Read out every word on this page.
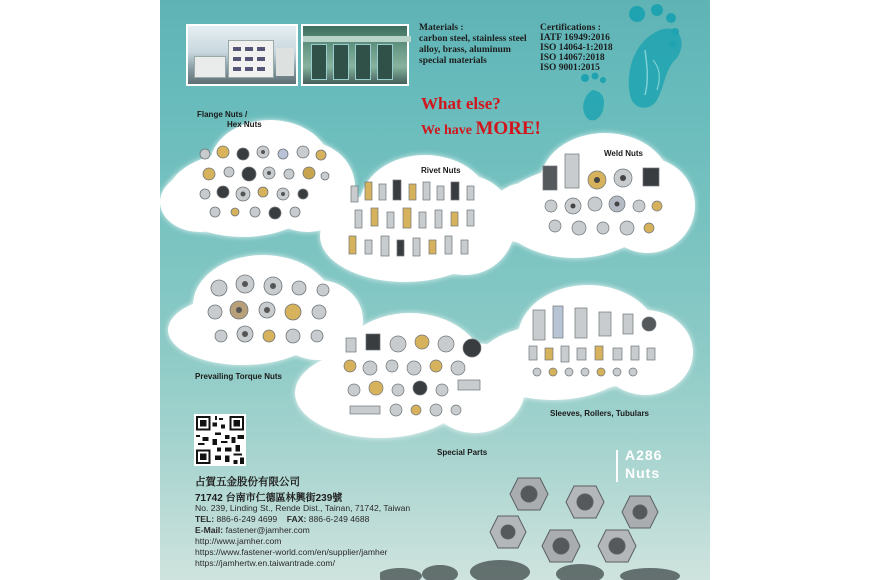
Materials :
carbon steel, stainless steel
alloy, brass, aluminum
special materials
Certifications :
IATF 16949:2016
ISO 14064-1:2018
ISO 14067:2018
ISO 9001:2015
What else?
We have MORE!
Flange Nuts /
Hex Nuts
Rivet Nuts
Weld Nuts
Prevailing Torque Nuts
Special Parts
Sleeves, Rollers, Tubulars
占賀五金股份有限公司
71742 台南市仁德區林興街239號
No. 239, Linding St., Rende Dist., Tainan, 71742, Taiwan
TEL: 886-6-249 4699 FAX: 886-6-249 4688
E-Mail: fastener@jamher.com
http://www.jamher.com
https://www.fastener-world.com/en/supplier/jamher
https://jamhertw.en.taiwantrade.com/
A286
Nuts
